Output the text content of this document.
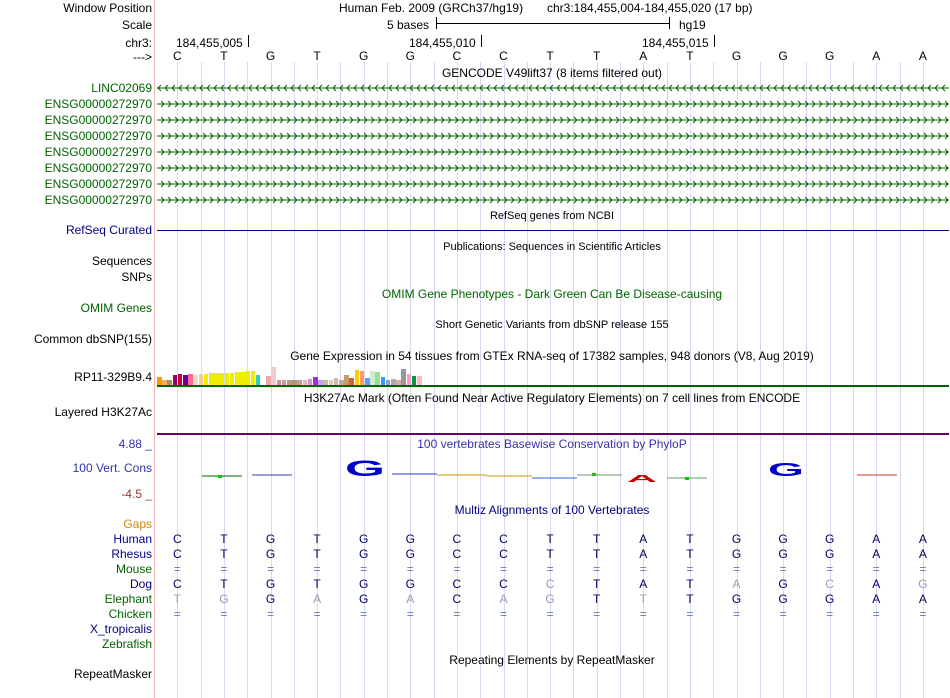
Window Position	Human Feb. 2009 (GRCh37/hg19) chr3:184,455,004-184,455,020 (17 bp)
Scale	5 bases	hg19
chr3: 184,455,005	184,455,010	184,455,015
--->	C	T	G	T	G	G	C	C	T	T	A	T	G	G	G	A	A
GENCODE V49lift37 (8 items filtered out)
LINC02069
ENSG00000272970
ENSG00000272970
ENSG00000272970
ENSG00000272970
ENSG00000272970
ENSG00000272970
ENSG00000272970
RefSeq genes from NCBI
RefSeq Curated
Publications: Sequences in Scientific Articles
Sequences
SNPs
OMIM Gene Phenotypes - Dark Green Can Be Disease-causing
OMIM Genes
Short Genetic Variants from dbSNP release 155
Common dbSNP(155)
Gene Expression in 54 tissues from GTEx RNA-seq of 17382 samples, 948 donors (V8, Aug 2019)
RP11-329B9.4
H3K27Ac Mark (Often Found Near Active Regulatory Elements) on 7 cell lines from ENCODE
Layered H3K27Ac
100 vertebrates Basewise Conservation by PhyloP
4.88 _
100 Vert. Cons
-4.5 _
G	G
A
Multiz Alignments of 100 Vertebrates
Gaps
Human	C	T	G	T	G	G	C	C	T	T	A	T	G	G	G	A	A
Rhesus	C	T	G	T	G	G	C	C	T	T	A	T	G	G	G	A	A
Mouse	=	=	=	=	=	=	=	=	=	=	=	=	=	=	=	=	=
Dog	C	T	G	T	G	G	C	C	C	T	A	T	A	G	C	A	G
Elephant	T	G	G	A	G	A	C	A	G	T	T	T	G	G	G	A	A
Chicken	=	=	=	=	=	=	=	=	=	=	=	=	=	=	=	=	=
X_tropicalis
Zebrafish
Repeating Elements by RepeatMasker
RepeatMasker
